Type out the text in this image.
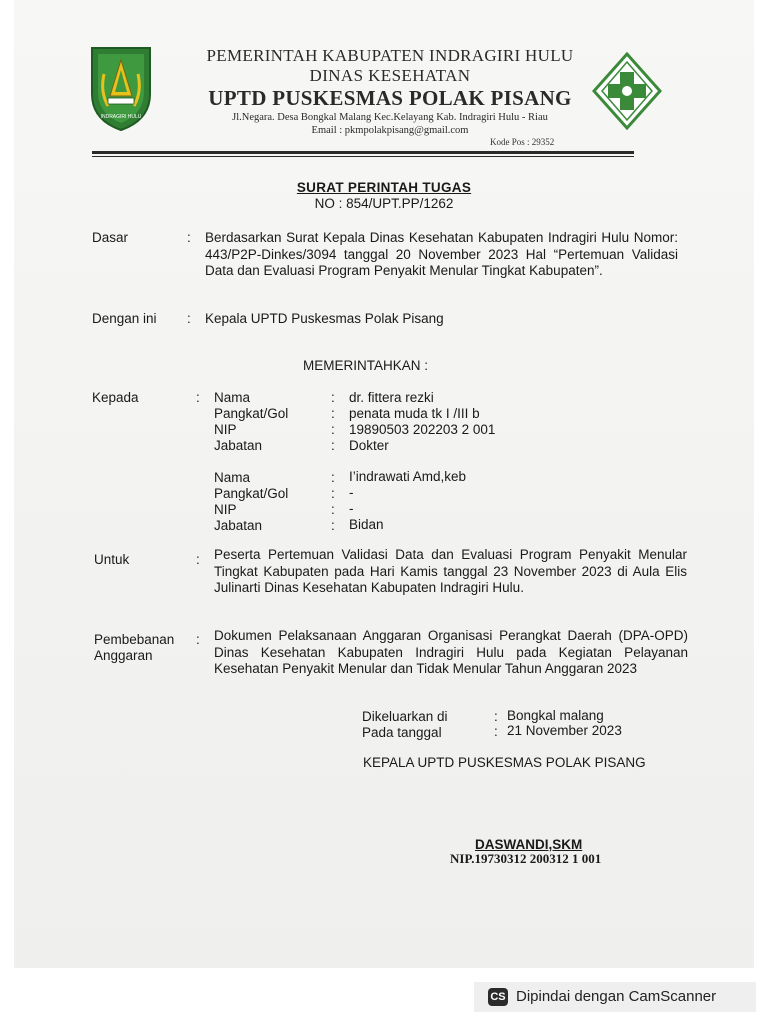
INDRAGIRI HULU
PEMERINTAH KABUPATEN INDRAGIRI HULU
DINAS KESEHATAN
UPTD PUSKESMAS POLAK PISANG
Jl.Negara. Desa Bongkal Malang Kec.Kelayang Kab. Indragiri Hulu - Riau
Email : pkmpolakpisang@gmail.com
Kode Pos : 29352
SURAT PERINTAH TUGAS
NO : 854/UPT.PP/1262
Dasar	: Berdasarkan Surat Kepala Dinas Kesehatan Kabupaten Indragiri Hulu Nomor: 443/P2P-Dinkes/3094 tanggal 20 November 2023 Hal “Pertemuan Validasi Data dan Evaluasi Program Penyakit Menular Tingkat Kabupaten”.
Dengan ini : Kepala UPTD Puskesmas Polak Pisang
MEMERINTAHKAN :
Kepada	: Nama	: dr. fittera rezki
Pangkat/Gol	: penata muda tk I /III b
NIP	: 19890503 202203 2 001
Jabatan	: Dokter
Nama	: I’indrawati Amd,keb
Pangkat/Gol	: -
NIP	: -
Jabatan	: Bidan
Untuk	: Peserta Pertemuan Validasi Data dan Evaluasi Program Penyakit Menular Tingkat Kabupaten pada Hari Kamis tanggal 23 November 2023 di Aula Elis Julinarti Dinas Kesehatan Kabupaten Indragiri Hulu.
Pembebanan
Anggaran
: Dokumen Pelaksanaan Anggaran Organisasi Perangkat Daerah (DPA-OPD) Dinas Kesehatan Kabupaten Indragiri Hulu pada Kegiatan Pelayanan Kesehatan Penyakit Menular dan Tidak Menular Tahun Anggaran 2023
Dikeluarkan di	: Bongkal malang
Pada tanggal	: 21 November 2023
KEPALA UPTD PUSKESMAS POLAK PISANG
DASWANDI,SKM
NIP.19730312 200312 1 001
CS Dipindai dengan CamScanner
